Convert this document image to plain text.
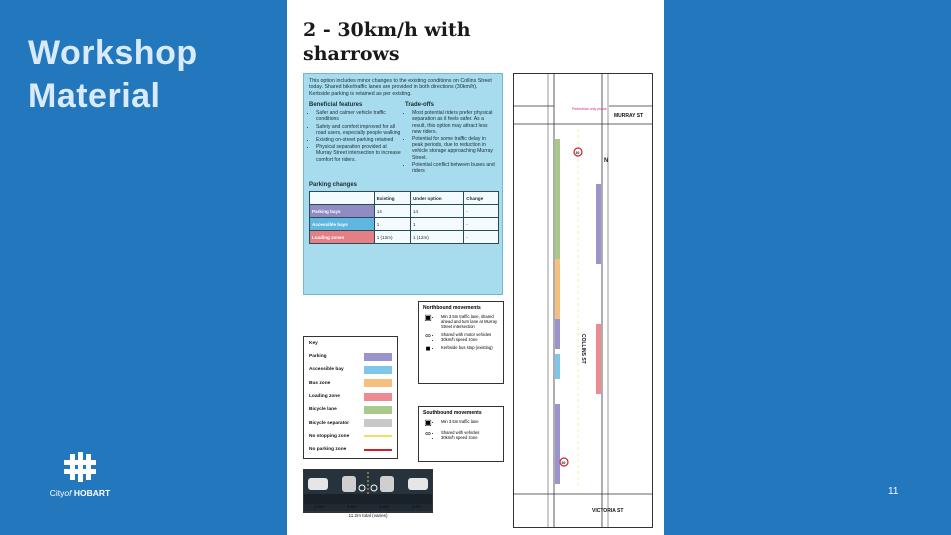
Workshop
Material
Cityof HOBART	11
2 - 30km/h with
sharrows
This option includes minor changes to the existing conditions on Collins Street today. Shared bike/traffic lanes are provided in both directions (30km/h). Kerbside parking is retained as per existing.
Beneficial features
• Safer and calmer vehicle traffic conditions
• Safety and comfort improved for all road users, especially people walking
• Existing on-street parking retained
• Physical separation provided at Murray Street intersection to increase comfort for riders.
Trade-offs
• Most potential riders prefer physical separation as it feels safer. As a result, this option may attract less new riders.
• Potential for some traffic delay in peak periods, due to reduction in vehicle storage approaching Murray Street.
• Potential conflict between buses and riders
Parking changes
	Existing	Under option	Change
Parking bays	14	14	-
Accessible bays	1	1	-
Loading zones	1 (12m)	1 (12m)	-
Key
Parking
Accessible bay
Bus zone
Loading zone
Bicycle lane
Bicycle separator
No stopping zone
No parking zone
2.0m	3.6m	3.6m	2.0m
11.2m total (varies)
Northbound movements
▣ • Min 3.5m traffic lane, shared ahead and turn lane at Murray Street intersection
∞	• Shared with motor vehicles
• 30km/h speed zone
■	• Kerbside bus stop (existing)
Southbound movements
▣ • Min 3.5m traffic lane
∞	• Shared with vehicles
• 30km/h speed zone
MURRAY ST
Pedestrian only phase
N
30
30
COLLINS ST
VICTORIA ST
